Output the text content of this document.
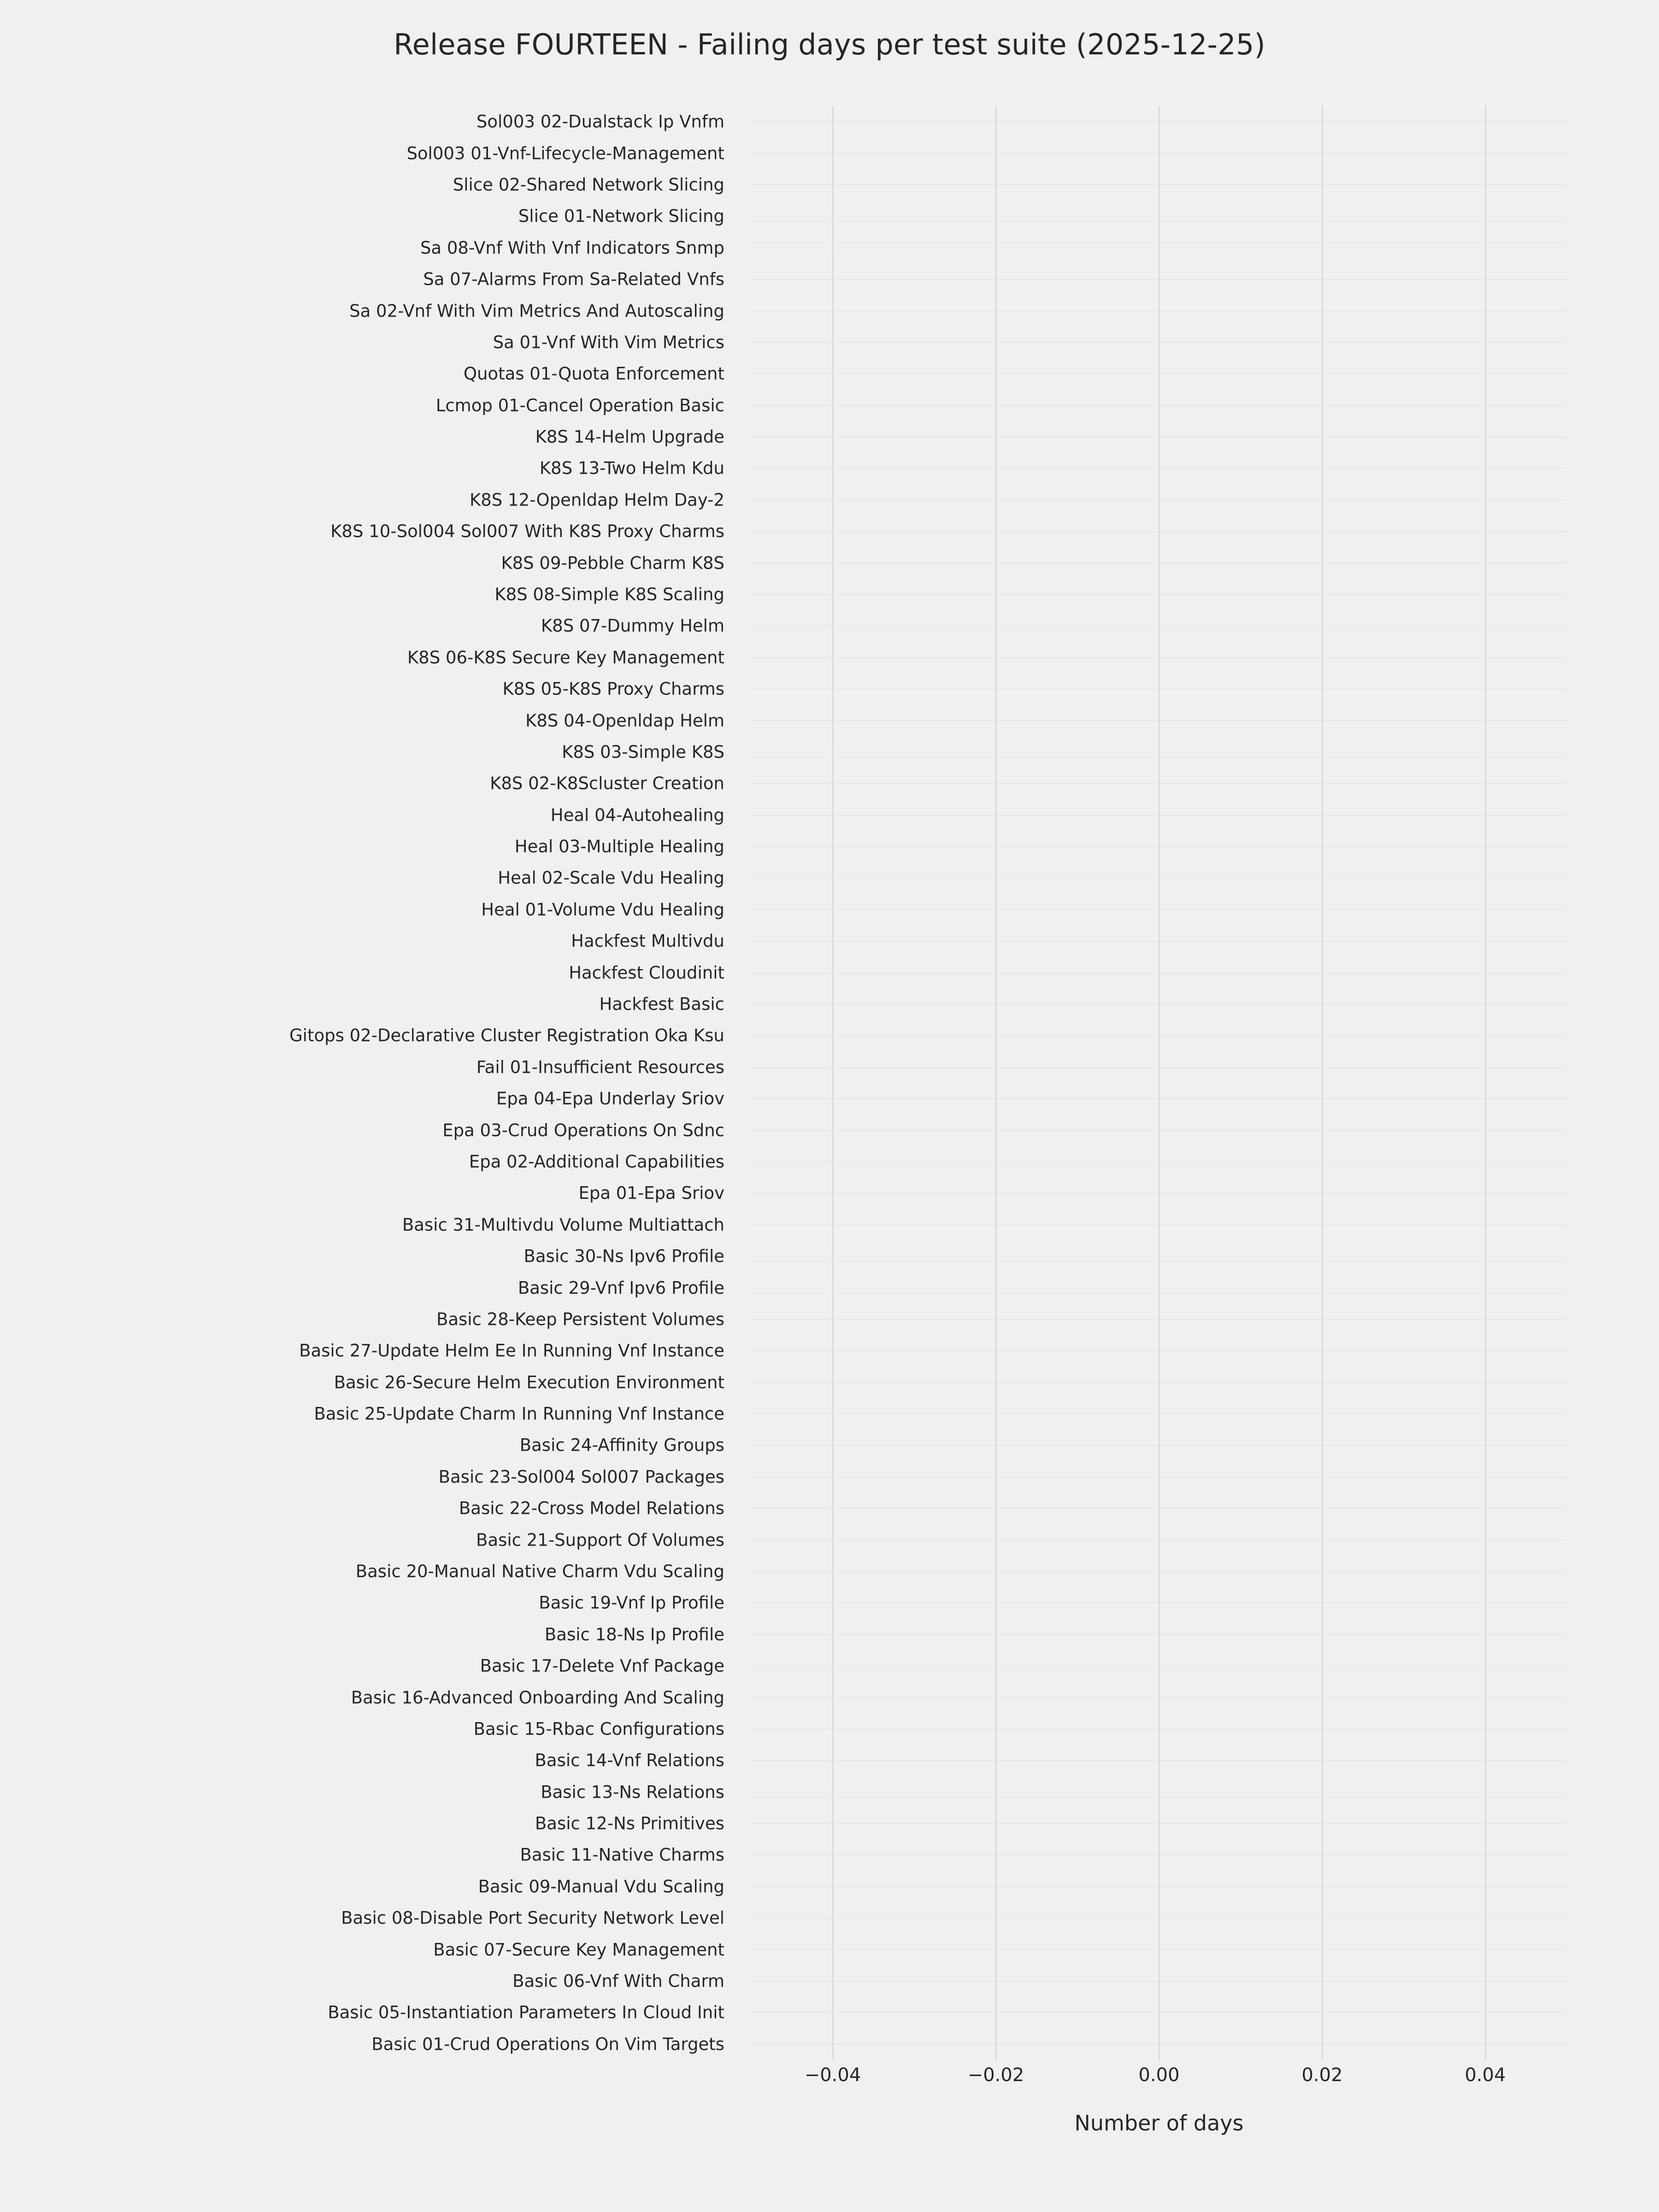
Release FOURTEEN - Failing days per test suite (2025-12-25)
Basic 01-Crud Operations On Vim Targets
Basic 05-Instantiation Parameters In Cloud Init
Basic 06-Vnf With Charm
Basic 07-Secure Key Management
Basic 08-Disable Port Security Network Level
Basic 09-Manual Vdu Scaling
Basic 11-Native Charms
Basic 12-Ns Primitives
Basic 13-Ns Relations
Basic 14-Vnf Relations
Basic 15-Rbac Configurations
Basic 16-Advanced Onboarding And Scaling
Basic 17-Delete Vnf Package
Basic 18-Ns Ip Profile
Basic 19-Vnf Ip Profile
Basic 20-Manual Native Charm Vdu Scaling
Basic 21-Support Of Volumes
Basic 22-Cross Model Relations
Basic 23-Sol004 Sol007 Packages
Basic 24-Affinity Groups
Basic 25-Update Charm In Running Vnf Instance
Basic 26-Secure Helm Execution Environment
Basic 27-Update Helm Ee In Running Vnf Instance
Basic 28-Keep Persistent Volumes
Basic 29-Vnf Ipv6 Profile
Basic 30-Ns Ipv6 Profile
Basic 31-Multivdu Volume Multiattach
Epa 01-Epa Sriov
Epa 02-Additional Capabilities
Epa 03-Crud Operations On Sdnc
Epa 04-Epa Underlay Sriov
Fail 01-Insufficient Resources
Gitops 02-Declarative Cluster Registration Oka Ksu
Hackfest Basic
Hackfest Cloudinit
Hackfest Multivdu
Heal 01-Volume Vdu Healing
Heal 02-Scale Vdu Healing
Heal 03-Multiple Healing
Heal 04-Autohealing
K8S 02-K8Scluster Creation
K8S 03-Simple K8S
K8S 04-Openldap Helm
K8S 05-K8S Proxy Charms
K8S 06-K8S Secure Key Management
K8S 07-Dummy Helm
K8S 08-Simple K8S Scaling
K8S 09-Pebble Charm K8S
K8S 10-Sol004 Sol007 With K8S Proxy Charms
K8S 12-Openldap Helm Day-2
K8S 13-Two Helm Kdu
K8S 14-Helm Upgrade
Lcmop 01-Cancel Operation Basic
Quotas 01-Quota Enforcement
Sa 01-Vnf With Vim Metrics
Sa 02-Vnf With Vim Metrics And Autoscaling
Sa 07-Alarms From Sa-Related Vnfs
Sa 08-Vnf With Vnf Indicators Snmp
Slice 01-Network Slicing
Slice 02-Shared Network Slicing
Sol003 01-Vnf-Lifecycle-Management
Sol003 02-Dualstack Ip Vnfm
−0.04	−0.02	0.00	0.02	0.04
Number of days
